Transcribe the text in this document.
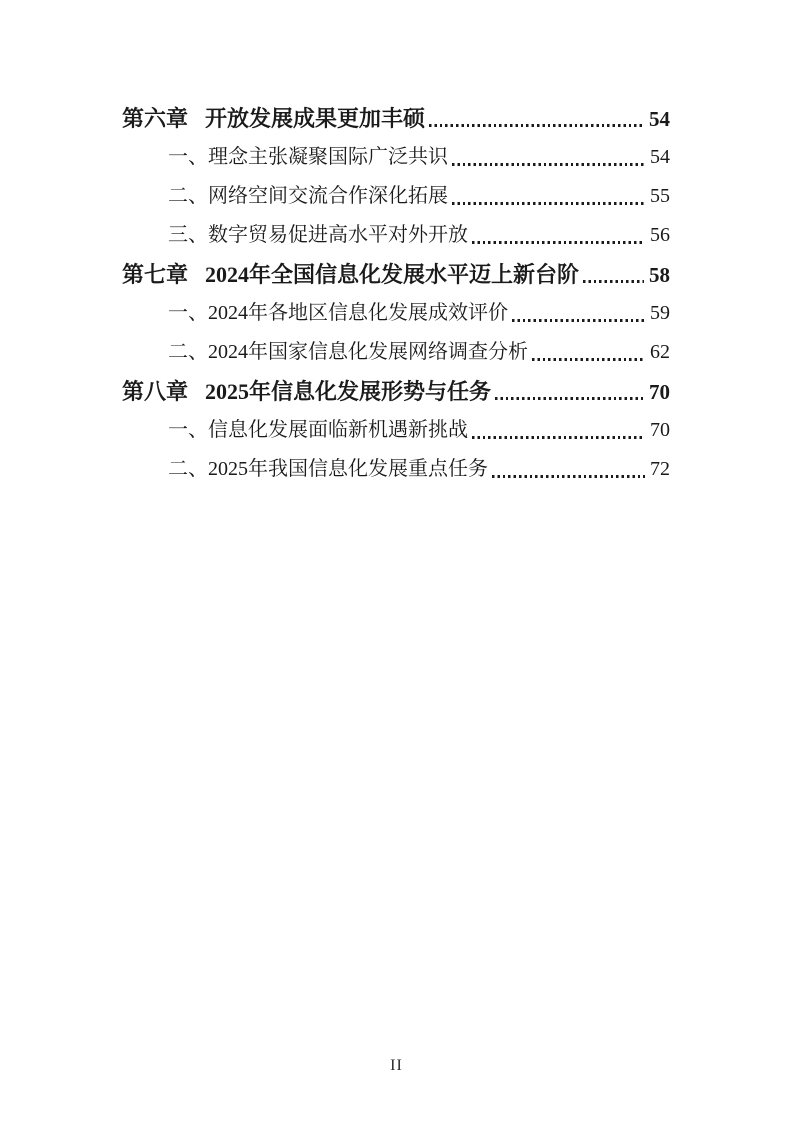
第六章 开放发展成果更加丰硕	54
一、理念主张凝聚国际广泛共识	54
二、网络空间交流合作深化拓展	55
三、数字贸易促进高水平对外开放	56
第七章 2024年全国信息化发展水平迈上新台阶	58
一、2024年各地区信息化发展成效评价	59
二、2024年国家信息化发展网络调查分析	62
第八章 2025年信息化发展形势与任务	70
一、信息化发展面临新机遇新挑战	70
二、2025年我国信息化发展重点任务	72
II
